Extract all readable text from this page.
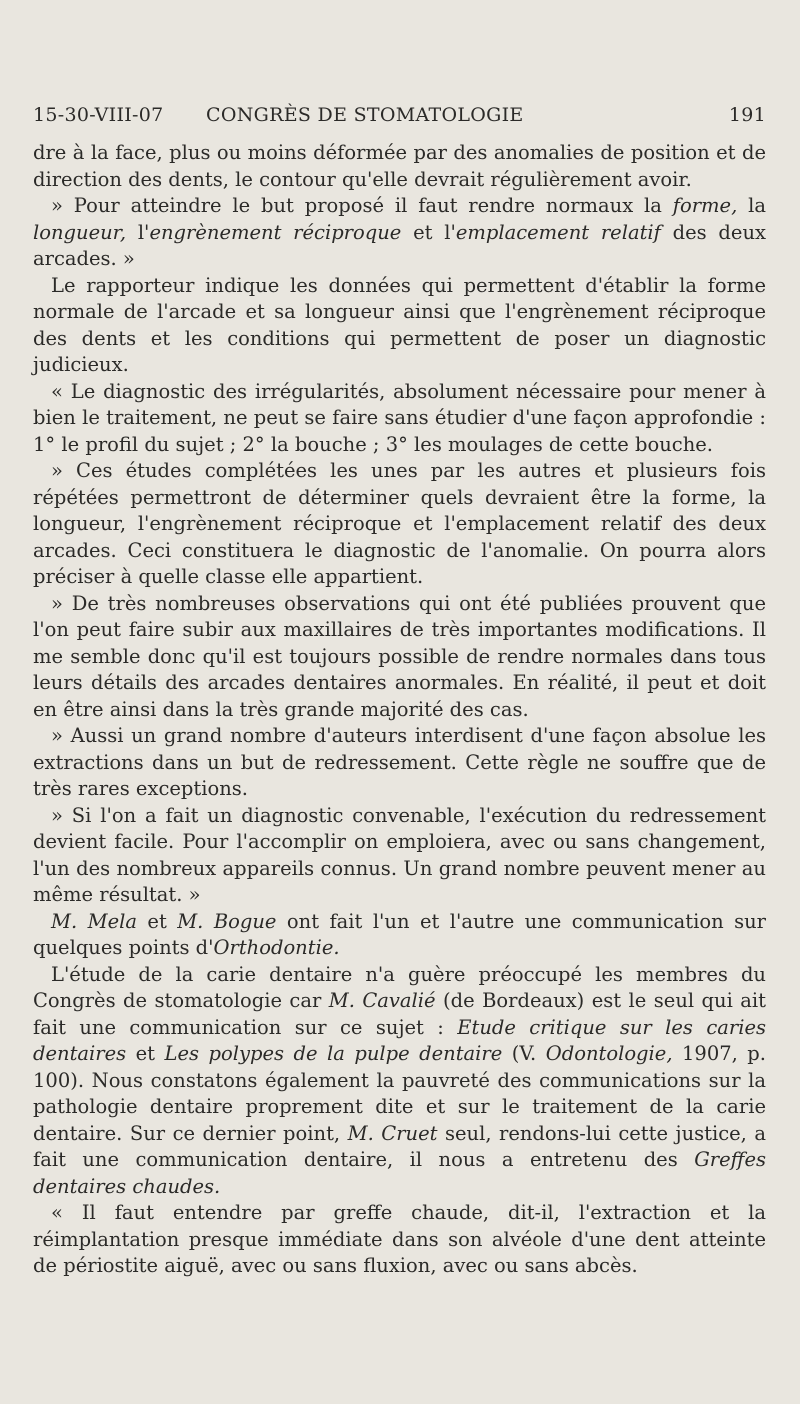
15-30-VIII-07 CONGRÈS DE STOMATOLOGIE	191

dre à la face, plus ou moins déformée par des anomalies de position et de direction des dents, le contour qu'elle devrait régulièrement avoir.

» Pour atteindre le but proposé il faut rendre normaux la forme, la longueur, l'engrènement réciproque et l'emplacement relatif des deux arcades. »

Le rapporteur indique les données qui permettent d'établir la forme normale de l'arcade et sa longueur ainsi que l'engrènement réciproque des dents et les conditions qui permettent de poser un diagnostic judicieux.

« Le diagnostic des irrégularités, absolument nécessaire pour mener à bien le traitement, ne peut se faire sans étudier d'une façon approfondie : 1° le profil du sujet ; 2° la bouche ; 3° les moulages de cette bouche.

» Ces études complétées les unes par les autres et plusieurs fois répétées permettront de déterminer quels devraient être la forme, la longueur, l'engrènement réciproque et l'emplacement relatif des deux arcades. Ceci constituera le diagnostic de l'anomalie. On pourra alors préciser à quelle classe elle appartient.

» De très nombreuses observations qui ont été publiées prouvent que l'on peut faire subir aux maxillaires de très importantes modifications. Il me semble donc qu'il est toujours possible de rendre normales dans tous leurs détails des arcades dentaires anormales. En réalité, il peut et doit en être ainsi dans la très grande majorité des cas.

» Aussi un grand nombre d'auteurs interdisent d'une façon absolue les extractions dans un but de redressement. Cette règle ne souffre que de très rares exceptions.

» Si l'on a fait un diagnostic convenable, l'exécution du redressement devient facile. Pour l'accomplir on emploiera, avec ou sans changement, l'un des nombreux appareils connus. Un grand nombre peuvent mener au même résultat. »

M. Mela et M. Bogue ont fait l'un et l'autre une communication sur quelques points d'Orthodontie.

L'étude de la carie dentaire n'a guère préoccupé les membres du Congrès de stomatologie car M. Cavalié (de Bordeaux) est le seul qui ait fait une communication sur ce sujet : Etude critique sur les caries dentaires et Les polypes de la pulpe dentaire (V. Odontologie, 1907, p. 100). Nous constatons également la pauvreté des communications sur la pathologie dentaire proprement dite et sur le traitement de la carie dentaire. Sur ce dernier point, M. Cruet seul, rendons-lui cette justice, a fait une communication dentaire, il nous a entretenu des Greffes dentaires chaudes.

« Il faut entendre par greffe chaude, dit-il, l'extraction et la réimplantation presque immédiate dans son alvéole d'une dent atteinte de périostite aiguë, avec ou sans fluxion, avec ou sans abcès.
